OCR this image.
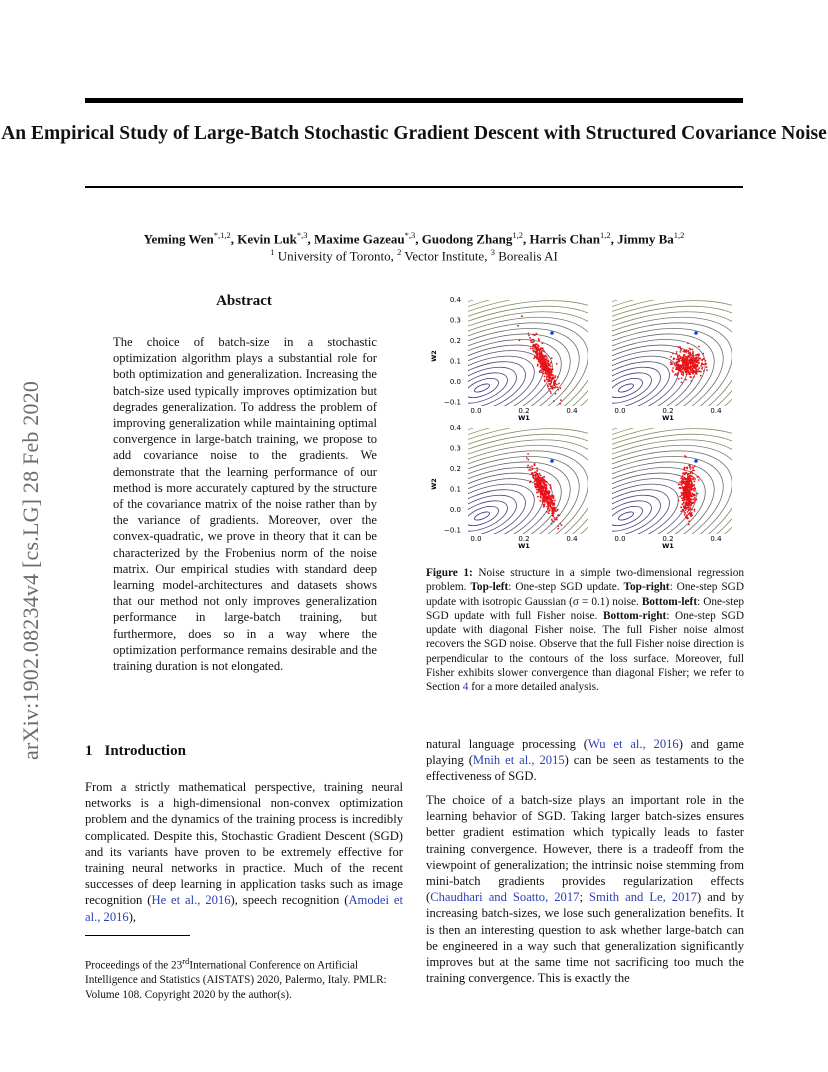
An Empirical Study of Large-Batch Stochastic Gradient Descent with Structured Covariance Noise
Yeming Wen$^{*,1,2}$, Kevin Luk$^{*,3}$, Maxime Gazeau$^{*,3}$, Guodong Zhang$^{1,2}$, Harris Chan$^{1,2}$, Jimmy Ba$^{1,2}$
$^1$ University of Toronto, $^2$ Vector Institute, $^3$ Borealis AI
arXiv:1902.08234v4 [cs.LG] 28 Feb 2020
Abstract
The choice of batch-size in a stochastic optimization algorithm plays a substantial role for both optimization and generalization. Increasing the batch-size used typically improves optimization but degrades generalization. To address the problem of improving generalization while maintaining optimal convergence in large-batch training, we propose to add covariance noise to the gradients. We demonstrate that the learning performance of our method is more accurately captured by the structure of the covariance matrix of the noise rather than by the variance of gradients. Moreover, over the convex-quadratic, we prove in theory that it can be characterized by the Frobenius norm of the noise matrix. Our empirical studies with standard deep learning model-architectures and datasets shows that our method not only improves generalization performance in large-batch training, but furthermore, does so in a way where the optimization performance remains desirable and the training duration is not elongated.
1 Introduction
From a strictly mathematical perspective, training neural networks is a high-dimensional non-convex optimization problem and the dynamics of the training process is incredibly complicated. Despite this, Stochastic Gradient Descent (SGD) and its variants have proven to be extremely effective for training neural networks in practice. Much of the recent successes of deep learning in application tasks such as image recognition (He et al., 2016), speech recognition (Amodei et al., 2016),
Proceedings of the 23rdInternational Conference on Artificial Intelligence and Statistics (AISTATS) 2020, Palermo, Italy. PMLR: Volume 108. Copyright 2020 by the author(s).
natural language processing (Wu et al., 2016) and game playing (Mnih et al., 2015) can be seen as testaments to the effectiveness of SGD.
The choice of a batch-size plays an important role in the learning behavior of SGD. Taking larger batch-sizes ensures better gradient estimation which typically leads to faster training convergence. However, there is a tradeoff from the viewpoint of generalization; the intrinsic noise stemming from mini-batch gradients provides regularization effects (Chaudhari and Soatto, 2017; Smith and Le, 2017) and by increasing batch-sizes, we lose such generalization benefits. It is then an interesting question to ask whether large-batch can be engineered in a way such that generalization significantly improves but at the same time not sacrificing too much the training convergence. This is exactly the
Figure 1: Noise structure in a simple two-dimensional regression problem. Top-left: One-step SGD update. Top-right: One-step SGD update with isotropic Gaussian (σ = 0.1) noise. Bottom-left: One-step SGD update with full Fisher noise. Bottom-right: One-step SGD update with diagonal Fisher noise. The full Fisher noise almost recovers the SGD noise. Observe that the full Fisher noise direction is perpendicular to the contours of the loss surface. Moreover, full Fisher exhibits slower convergence than diagonal Fisher; we refer to Section 4 for a more detailed analysis.
0.0	0.2	0.4
W1
0.4
0.3
0.2
0.1
0.0
−0.1
W2
0.0	0.2	0.4
W1
0.0	0.2	0.4
W1
0.4
0.3
0.2
0.1
0.0
−0.1
W2
0.0	0.2	0.4
W1
